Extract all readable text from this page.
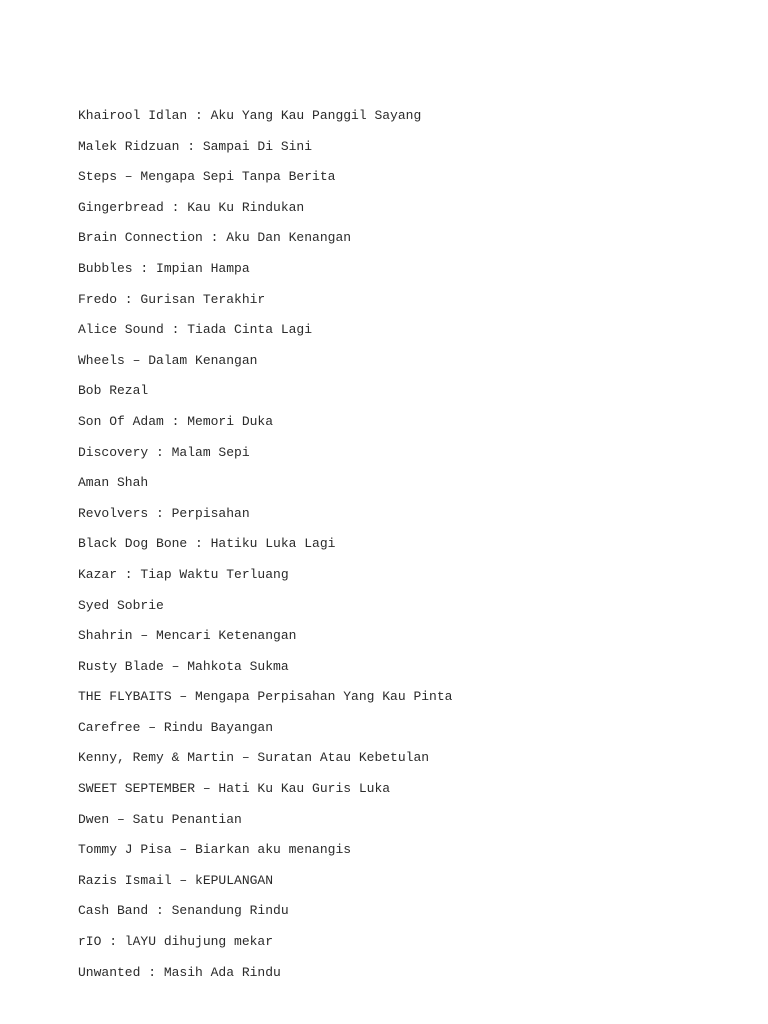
Khairool Idlan : Aku Yang Kau Panggil Sayang
Malek Ridzuan : Sampai Di Sini
Steps – Mengapa Sepi Tanpa Berita
Gingerbread : Kau Ku Rindukan
Brain Connection : Aku Dan Kenangan
Bubbles : Impian Hampa
Fredo : Gurisan Terakhir
Alice Sound : Tiada Cinta Lagi
Wheels – Dalam Kenangan
Bob Rezal
Son Of Adam : Memori Duka
Discovery : Malam Sepi
Aman Shah
Revolvers : Perpisahan
Black Dog Bone : Hatiku Luka Lagi
Kazar : Tiap Waktu Terluang
Syed Sobrie
Shahrin – Mencari Ketenangan
Rusty Blade – Mahkota Sukma
THE FLYBAITS – Mengapa Perpisahan Yang Kau Pinta
Carefree – Rindu Bayangan
Kenny, Remy & Martin – Suratan Atau Kebetulan
SWEET SEPTEMBER – Hati Ku Kau Guris Luka
Dwen – Satu Penantian
Tommy J Pisa – Biarkan aku menangis
Razis Ismail – kEPULANGAN
Cash Band : Senandung Rindu
rIO : lAYU dihujung mekar
Unwanted : Masih Ada Rindu
